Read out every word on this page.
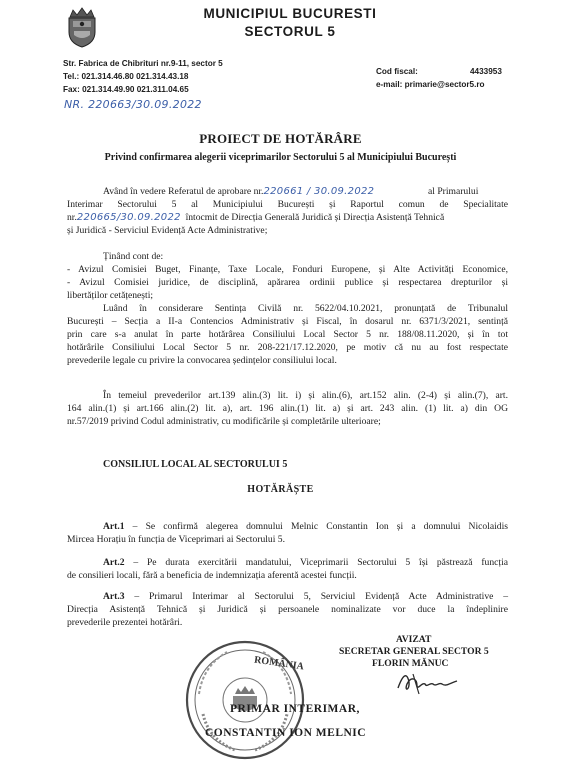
MUNICIPIUL BUCURESTI
SECTORUL 5
Str. Fabrica de Chibrituri nr.9-11, sector 5
Tel.: 021.314.46.80 021.314.43.18
Fax: 021.314.49.90 021.311.04.65
Cod fiscal:	4433953
e-mail: primarie@sector5.ro
NR. 220663/30.09.2022
PROIECT DE HOTĂRÂRE
Privind confirmarea alegerii viceprimarilor Sectorului 5 al Municipiului București
Având în vedere Referatul de aprobare nr.220661 / 30.09.2022	al Primarului
Interimar Sectorului 5 al Municipiului București și Raportul comun de Specialitate
nr.220665/30.09.2022 întocmit de Direcția Generală Juridică și Direcția Asistență Tehnică
și Juridică - Serviciul Evidență Acte Administrative;
Ținând cont de:
- Avizul Comisiei Buget, Finanțe, Taxe Locale, Fonduri Europene, și Alte Activități Economice,
- Avizul Comisiei juridice, de disciplină, apărarea ordinii publice și respectarea drepturilor și
libertăților cetățenești;
Luând în considerare Sentința Civilă nr. 5622/04.10.2021, pronunțată de Tribunalul
București – Secția a II-a Contencios Administrativ și Fiscal, în dosarul nr. 6371/3/2021, sentință
prin care s-a anulat în parte hotărârea Consiliului Local Sector 5 nr. 188/08.11.2020, și în tot
hotărârile Consiliului Local Sector 5 nr. 208-221/17.12.2020, pe motiv că nu au fost respectate
prevederile legale cu privire la convocarea ședințelor consiliului local.
În temeiul prevederilor art.139 alin.(3) lit. i) și alin.(6), art.152 alin. (2-4) și alin.(7), art.
164 alin.(1) și art.166 alin.(2) lit. a), art. 196 alin.(1) lit. a) și art. 243 alin. (1) lit. a) din OG
nr.57/2019 privind Codul administrativ, cu modificările și completările ulterioare;
CONSILIUL LOCAL AL SECTORULUI 5
HOTĂRĂȘTE
Art.1 – Se confirmă alegerea domnului Melnic Constantin Ion și a domnului Nicolaidis
Mircea Horațiu în funcția de Viceprimari ai Sectorului 5.
Art.2 – Pe durata exercitării mandatului, Viceprimarii Sectorului 5 își păstrează funcția
de consilieri locali, fără a beneficia de indemnizația aferentă acestei funcții.
Art.3 – Primarul Interimar al Sectorului 5, Serviciul Evidență Acte Administrative –
Direcția Asistență Tehnică și Juridică și persoanele nominalizate vor duce la îndeplinire
prevederile prezentei hotărâri.
AVIZAT
SECRETAR GENERAL SECTOR 5
FLORIN MĂNUC
ROMÂNIA
PRIMAR INTERIMAR,
CONSTANTIN ION MELNIC
